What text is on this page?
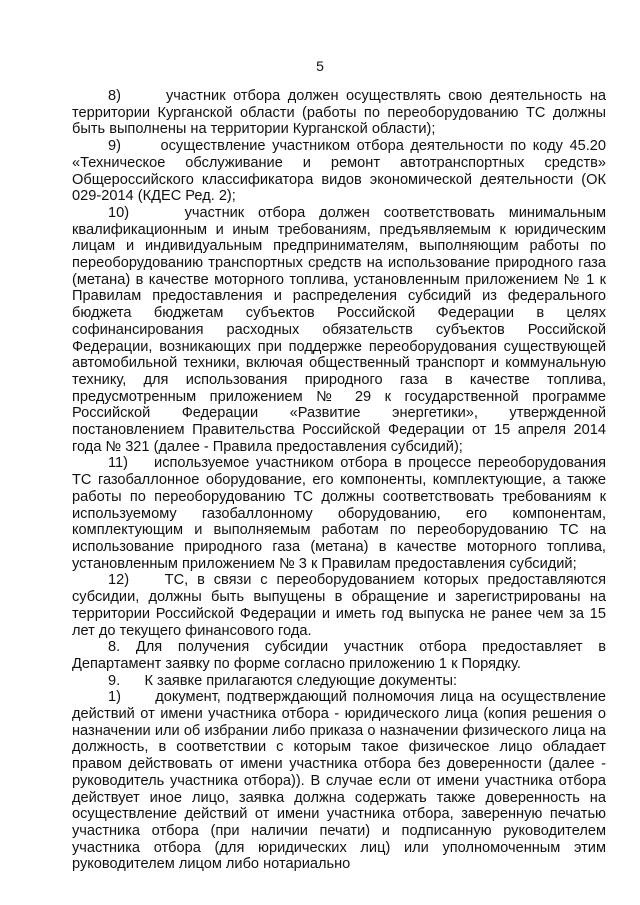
5

8)      участник отбора должен осуществлять свою деятельность на территории Курганской области (работы по переоборудованию ТС должны быть выполнены на территории Курганской области);

9)      осуществление участником отбора деятельности по коду 45.20 «Техническое обслуживание и ремонт автотранспортных средств» Общероссийского классификатора видов экономической деятельности (ОК 029-2014 (КДЕС Ред. 2);

10)    участник отбора должен соответствовать минимальным квалификационным и иным требованиям, предъявляемым к юридическим лицам и индивидуальным предпринимателям, выполняющим работы по переоборудованию транспортных средств на использование природного газа (метана) в качестве моторного топлива, установленным приложением № 1 к Правилам предоставления и распределения субсидий из федерального бюджета бюджетам субъектов Российской Федерации в целях софинансирования расходных обязательств субъектов Российской Федерации, возникающих при поддержке переоборудования существующей автомобильной техники, включая общественный транспорт и коммунальную технику, для использования природного газа в качестве топлива, предусмотренным приложением № 29 к государственной программе Российской Федерации «Развитие энергетики», утвержденной постановлением Правительства Российской Федерации от 15 апреля 2014 года № 321 (далее - Правила предоставления субсидий);

11)    используемое участником отбора в процессе переоборудования ТС газобаллонное оборудование, его компоненты, комплектующие, а также работы по переоборудованию ТС должны соответствовать требованиям к используемому газобаллонному оборудованию, его компонентам, комплектующим и выполняемым работам по переоборудованию ТС на использование природного газа (метана) в качестве моторного топлива, установленным приложением № 3 к Правилам предоставления субсидий;

12)    ТС, в связи с переоборудованием которых предоставляются субсидии, должны быть выпущены в обращение и зарегистрированы на территории Российской Федерации и иметь год выпуска не ранее чем за 15 лет до текущего финансового года.

8. Для получения субсидии участник отбора предоставляет в Департамент заявку по форме согласно приложению 1 к Порядку.

9.      К заявке прилагаются следующие документы:

1)      документ, подтверждающий полномочия лица на осуществление действий от имени участника отбора - юридического лица (копия решения о назначении или об избрании либо приказа о назначении физического лица на должность, в соответствии с которым такое физическое лицо обладает правом действовать от имени участника отбора без доверенности (далее - руководитель участника отбора)). В случае если от имени участника отбора действует иное лицо, заявка должна содержать также доверенность на осуществление действий от имени участника отбора, заверенную печатью участника отбора (при наличии печати) и подписанную руководителем участника отбора (для юридических лиц) или уполномоченным этим руководителем лицом либо нотариально
